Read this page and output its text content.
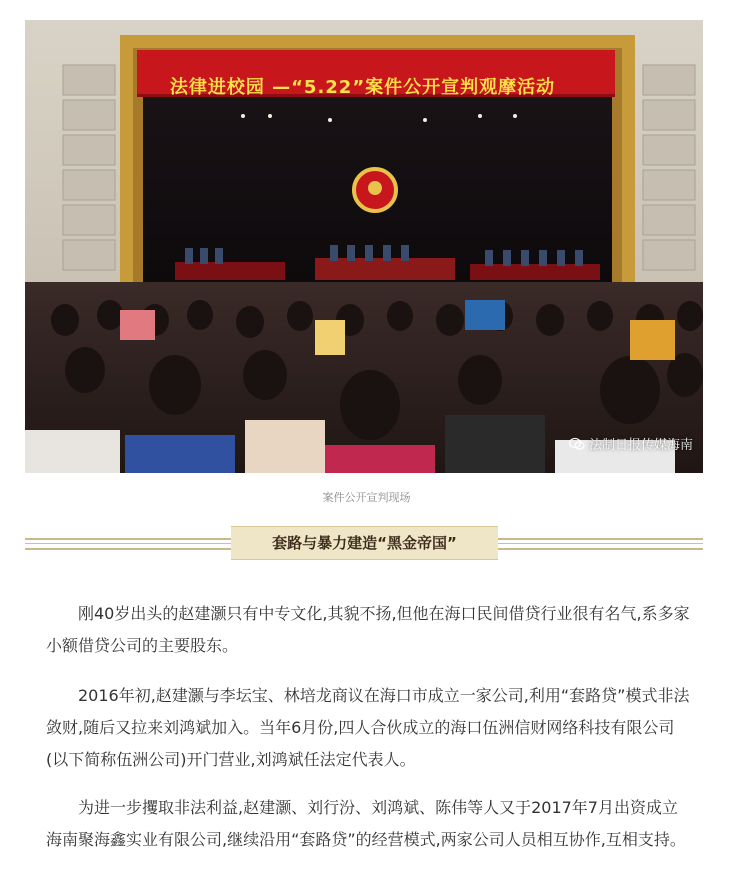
法律进校园 —“5.22”案件公开宣判观摩活动
法制日报传媒海南
案件公开宣判现场
套路与暴力建造“黑金帝国”

刚40岁出头的赵建灏只有中专文化,其貌不扬,但他在海口民间借贷行业很有名气,系多家小额借贷公司的主要股东。

2016年初,赵建灏与李坛宝、林培龙商议在海口市成立一家公司,利用“套路贷”模式非法敛财,随后又拉来刘鸿斌加入。当年6月份,四人合伙成立的海口伍洲信财网络科技有限公司(以下简称伍洲公司)开门营业,刘鸿斌任法定代表人。

为进一步攫取非法利益,赵建灏、刘行汾、刘鸿斌、陈伟等人又于2017年7月出资成立海南聚海鑫实业有限公司,继续沿用“套路贷”的经营模式,两家公司人员相互协作,互相支持。
